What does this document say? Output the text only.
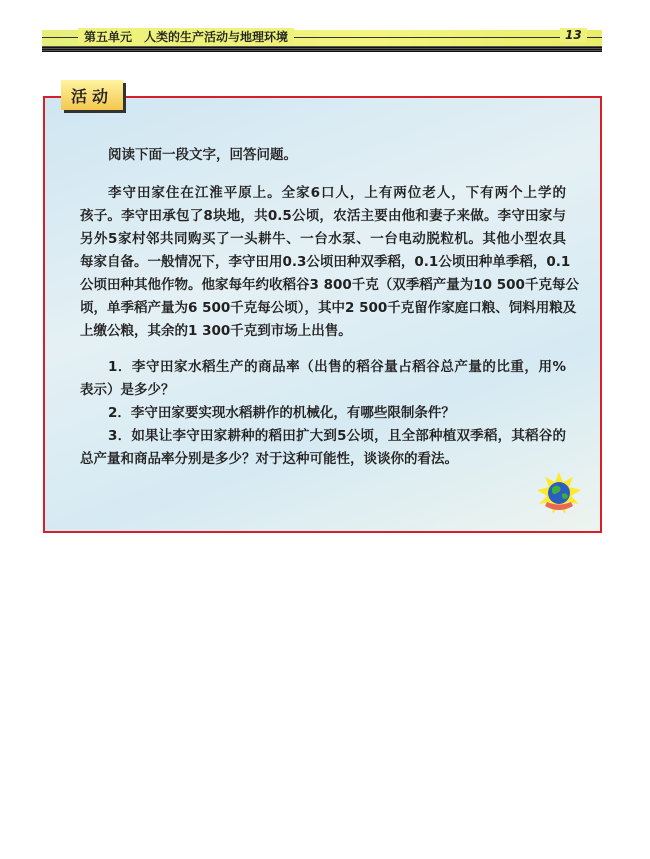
第五单元　人类的生产活动与地理环境	13
活动
阅读下面一段文字，回答问题。
李守田家住在江淮平原上。全家6口人，上有两位老人，下有两个上学的
孩子。李守田承包了8块地，共0.5公顷，农活主要由他和妻子来做。李守田家与
另外5家村邻共同购买了一头耕牛、一台水泵、一台电动脱粒机。其他小型农具
每家自备。一般情况下，李守田用0.3公顷田种双季稻，0.1公顷田种单季稻，0.1
公顷田种其他作物。他家每年约收稻谷3 800千克（双季稻产量为10 500千克每公
顷，单季稻产量为6 500千克每公顷），其中2 500千克留作家庭口粮、饲料用粮及
上缴公粮，其余的1 300千克到市场上出售。
1．李守田家水稻生产的商品率（出售的稻谷量占稻谷总产量的比重，用%
表示）是多少？
2．李守田家要实现水稻耕作的机械化，有哪些限制条件？
3．如果让李守田家耕种的稻田扩大到5公顷，且全部种植双季稻，其稻谷的
总产量和商品率分别是多少？对于这种可能性，谈谈你的看法。
